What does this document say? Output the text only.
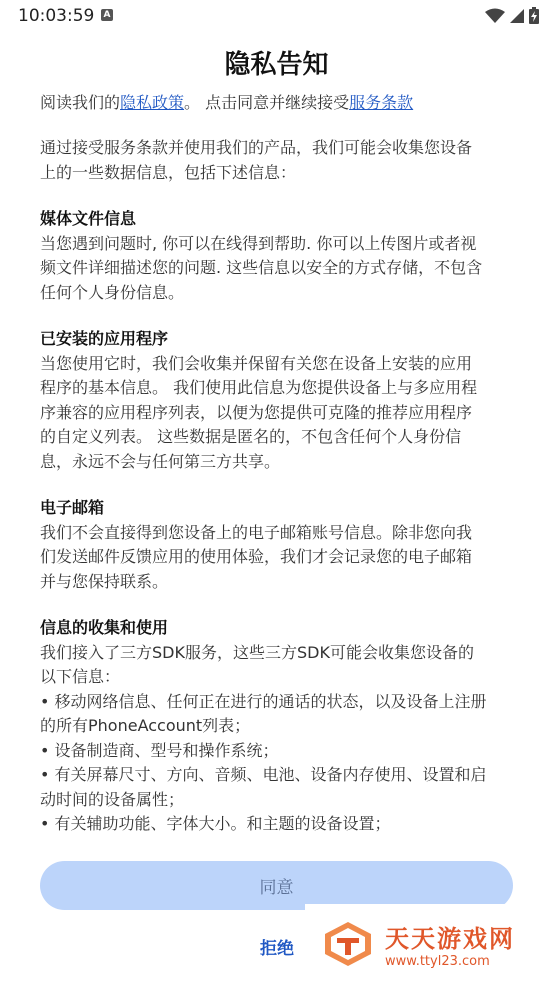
10:03:59 A
隐私告知
阅读我们的隐私政策。 点击同意并继续接受服务条款

通过接受服务条款并使用我们的产品，我们可能会收集您设备
上的一些数据信息，包括下述信息：

媒体文件信息
当您遇到问题时, 你可以在线得到帮助. 你可以上传图片或者视
频文件详细描述您的问题. 这些信息以安全的方式存储，不包含
任何个人身份信息。
已安装的应用程序
当您使用它时，我们会收集并保留有关您在设备上安装的应用
程序的基本信息。 我们使用此信息为您提供设备上与多应用程
序兼容的应用程序列表，以便为您提供可克隆的推荐应用程序
的自定义列表。 这些数据是匿名的，不包含任何个人身份信
息，永远不会与任何第三方共享。
电子邮箱
我们不会直接得到您设备上的电子邮箱账号信息。除非您向我
们发送邮件反馈应用的使用体验，我们才会记录您的电子邮箱
并与您保持联系。
信息的收集和使用
我们接入了三方SDK服务，这些三方SDK可能会收集您设备的
以下信息：
• 移动网络信息、任何正在进行的通话的状态，以及设备上注册
的所有PhoneAccount列表；
• 设备制造商、型号和操作系统；
• 有关屏幕尺寸、方向、音频、电池、设备内存使用、设置和启
动时间的设备属性；
• 有关辅助功能、字体大小。和主题的设备设置；
同意
拒绝	天天游戏网
www.ttyl23.com
